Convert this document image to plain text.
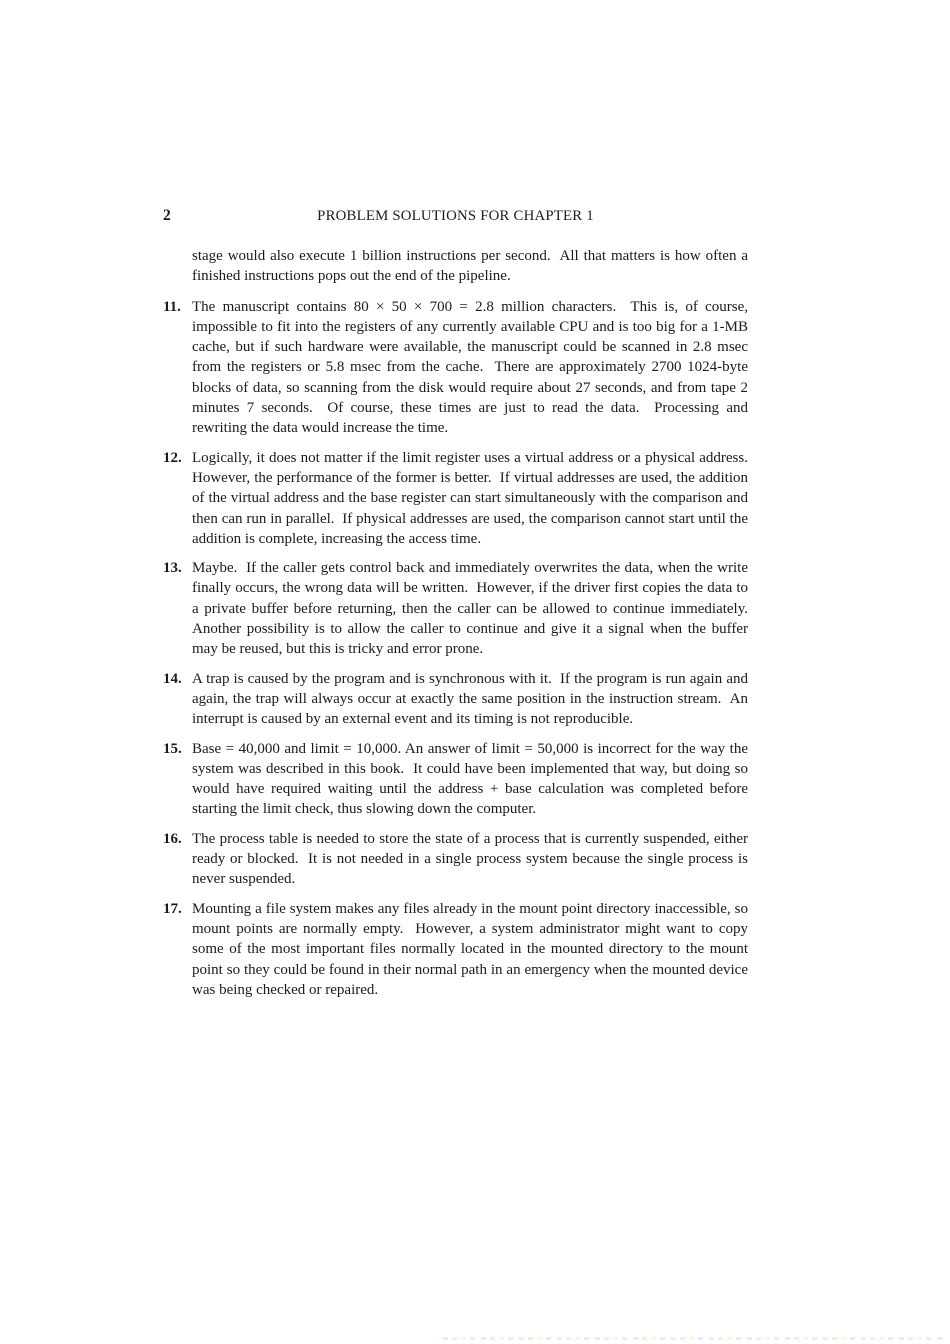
2	PROBLEM SOLUTIONS FOR CHAPTER 1
stage would also execute 1 billion instructions per second.  All that matters is how often a finished instructions pops out the end of the pipeline.
11. The manuscript contains 80 × 50 × 700 = 2.8 million characters.  This is, of course, impossible to fit into the registers of any currently available CPU and is too big for a 1-MB cache, but if such hardware were available, the manuscript could be scanned in 2.8 msec from the registers or 5.8 msec from the cache.  There are approximately 2700 1024-byte blocks of data, so scanning from the disk would require about 27 seconds, and from tape 2 minutes 7 seconds.  Of course, these times are just to read the data.  Processing and rewriting the data would increase the time.
12. Logically, it does not matter if the limit register uses a virtual address or a physical address.  However, the performance of the former is better.  If virtual addresses are used, the addition of the virtual address and the base register can start simultaneously with the comparison and then can run in parallel.  If physical addresses are used, the comparison cannot start until the addition is complete, increasing the access time.
13. Maybe.  If the caller gets control back and immediately overwrites the data, when the write finally occurs, the wrong data will be written.  However, if the driver first copies the data to a private buffer before returning, then the caller can be allowed to continue immediately.  Another possibility is to allow the caller to continue and give it a signal when the buffer may be reused, but this is tricky and error prone.
14. A trap is caused by the program and is synchronous with it.  If the program is run again and again, the trap will always occur at exactly the same position in the instruction stream.  An interrupt is caused by an external event and its timing is not reproducible.
15. Base = 40,000 and limit = 10,000. An answer of limit = 50,000 is incorrect for the way the system was described in this book.  It could have been implemented that way, but doing so would have required waiting until the address + base calculation was completed before starting the limit check, thus slowing down the computer.
16. The process table is needed to store the state of a process that is currently suspended, either ready or blocked.  It is not needed in a single process system because the single process is never suspended.
17. Mounting a file system makes any files already in the mount point directory inaccessible, so mount points are normally empty.  However, a system administrator might want to copy some of the most important files normally located in the mounted directory to the mount point so they could be found in their normal path in an emergency when the mounted device was being checked or repaired.
